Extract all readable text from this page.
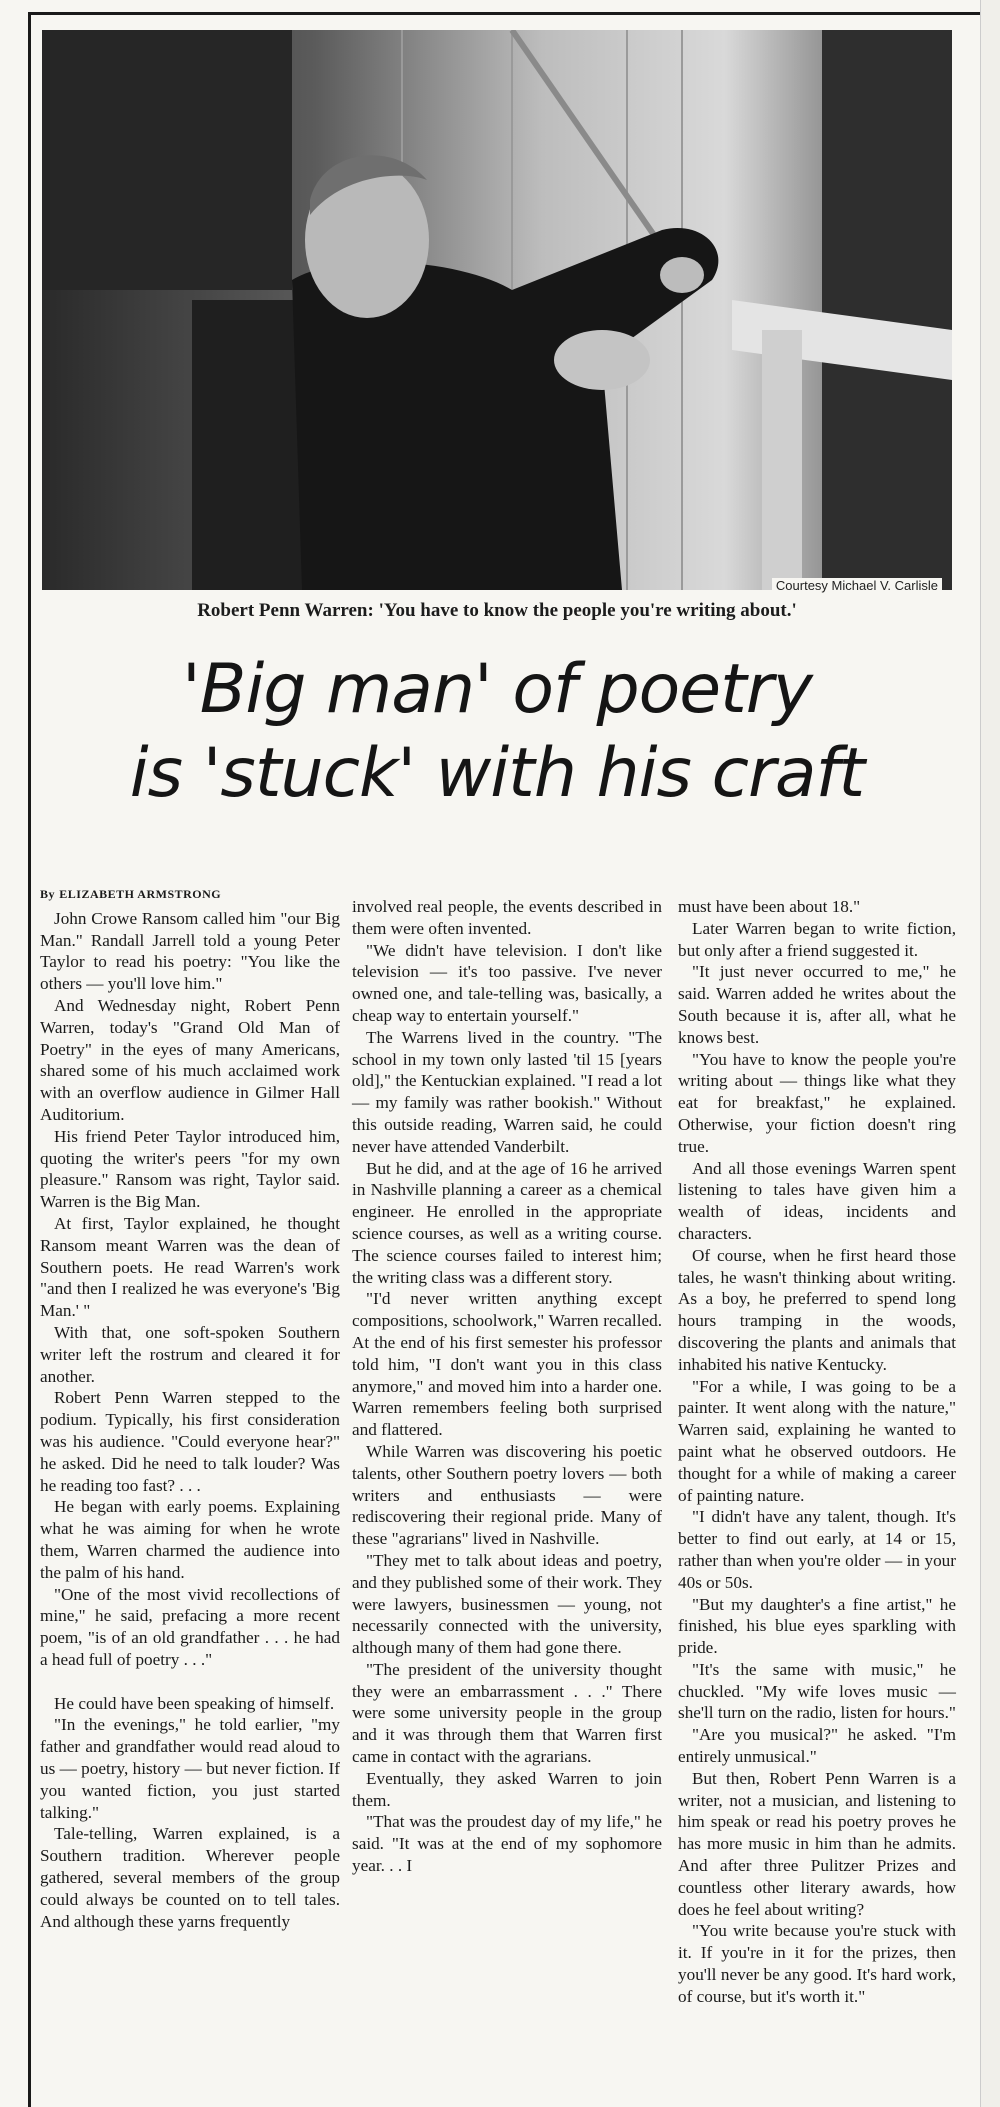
Courtesy Michael V. Carlisle
Robert Penn Warren: 'You have to know the people you're writing about.'
'Big man' of poetry
is 'stuck' with his craft
By ELIZABETH ARMSTRONG

John Crowe Ransom called him "our Big Man." Randall Jarrell told a young Peter Taylor to read his poetry: "You like the others — you'll love him."

And Wednesday night, Robert Penn Warren, today's "Grand Old Man of Poetry" in the eyes of many Americans, shared some of his much acclaimed work with an overflow audience in Gilmer Hall Auditorium.

His friend Peter Taylor introduced him, quoting the writer's peers "for my own pleasure." Ransom was right, Taylor said. Warren is the Big Man.

At first, Taylor explained, he thought Ransom meant Warren was the dean of Southern poets. He read Warren's work "and then I realized he was everyone's 'Big Man.' "

With that, one soft-spoken Southern writer left the rostrum and cleared it for another.

Robert Penn Warren stepped to the podium. Typically, his first consideration was his audience. "Could everyone hear?" he asked. Did he need to talk louder? Was he reading too fast? . . .

He began with early poems. Explaining what he was aiming for when he wrote them, Warren charmed the audience into the palm of his hand.

"One of the most vivid recollections of mine," he said, prefacing a more recent poem, "is of an old grandfather . . . he had a head full of poetry . . ."

He could have been speaking of himself.

"In the evenings," he told earlier, "my father and grandfather would read aloud to us — poetry, history — but never fiction. If you wanted fiction, you just started talking."

Tale-telling, Warren explained, is a Southern tradition. Wherever people gathered, several members of the group could always be counted on to tell tales. And although these yarns frequently

involved real people, the events described in them were often invented.

"We didn't have television. I don't like television — it's too passive. I've never owned one, and tale-telling was, basically, a cheap way to entertain yourself."

The Warrens lived in the country. "The school in my town only lasted 'til 15 [years old]," the Kentuckian explained. "I read a lot — my family was rather bookish." Without this outside reading, Warren said, he could never have attended Vanderbilt.

But he did, and at the age of 16 he arrived in Nashville planning a career as a chemical engineer. He enrolled in the appropriate science courses, as well as a writing course. The science courses failed to interest him; the writing class was a different story.

"I'd never written anything except compositions, schoolwork," Warren recalled. At the end of his first semester his professor told him, "I don't want you in this class anymore," and moved him into a harder one. Warren remembers feeling both surprised and flattered.

While Warren was discovering his poetic talents, other Southern poetry lovers — both writers and enthusiasts — were rediscovering their regional pride. Many of these "agrarians" lived in Nashville.

"They met to talk about ideas and poetry, and they published some of their work. They were lawyers, businessmen — young, not necessarily connected with the university, although many of them had gone there.

"The president of the university thought they were an embarrassment . . ." There were some university people in the group and it was through them that Warren first came in contact with the agrarians.

Eventually, they asked Warren to join them.

"That was the proudest day of my life," he said. "It was at the end of my sophomore year. . . I

must have been about 18."

Later Warren began to write fiction, but only after a friend suggested it.

"It just never occurred to me," he said. Warren added he writes about the South because it is, after all, what he knows best.

"You have to know the people you're writing about — things like what they eat for breakfast," he explained. Otherwise, your fiction doesn't ring true.

And all those evenings Warren spent listening to tales have given him a wealth of ideas, incidents and characters.

Of course, when he first heard those tales, he wasn't thinking about writing. As a boy, he preferred to spend long hours tramping in the woods, discovering the plants and animals that inhabited his native Kentucky.

"For a while, I was going to be a painter. It went along with the nature," Warren said, explaining he wanted to paint what he observed outdoors. He thought for a while of making a career of painting nature.

"I didn't have any talent, though. It's better to find out early, at 14 or 15, rather than when you're older — in your 40s or 50s.

"But my daughter's a fine artist," he finished, his blue eyes sparkling with pride.

"It's the same with music," he chuckled. "My wife loves music — she'll turn on the radio, listen for hours."

"Are you musical?" he asked. "I'm entirely unmusical."

But then, Robert Penn Warren is a writer, not a musician, and listening to him speak or read his poetry proves he has more music in him than he admits. And after three Pulitzer Prizes and countless other literary awards, how does he feel about writing?

"You write because you're stuck with it. If you're in it for the prizes, then you'll never be any good. It's hard work, of course, but it's worth it."
